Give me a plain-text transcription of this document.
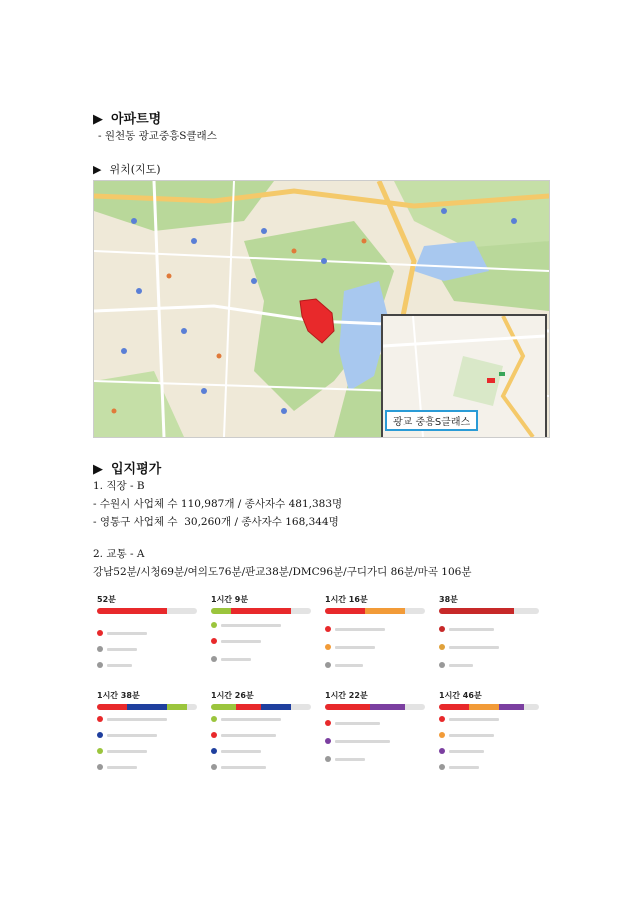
▶ 아파트명
- 원천동 광교중흥S클래스
▶ 위치(지도)
광교 중흥S클래스
▶ 입지평가
1. 직장 - B
- 수원시 사업체 수 110,987개 / 종사자수 481,383명
- 영통구 사업체 수  30,260개 / 종사자수 168,344명
2. 교통 - A
강남52분/시청69분/여의도76분/판교38분/DMC96분/구디가디 86분/마곡 106분
52분	1시간 9분	1시간 16분	38분
1시간 38분	1시간 26분	1시간 22분	1시간 46분
